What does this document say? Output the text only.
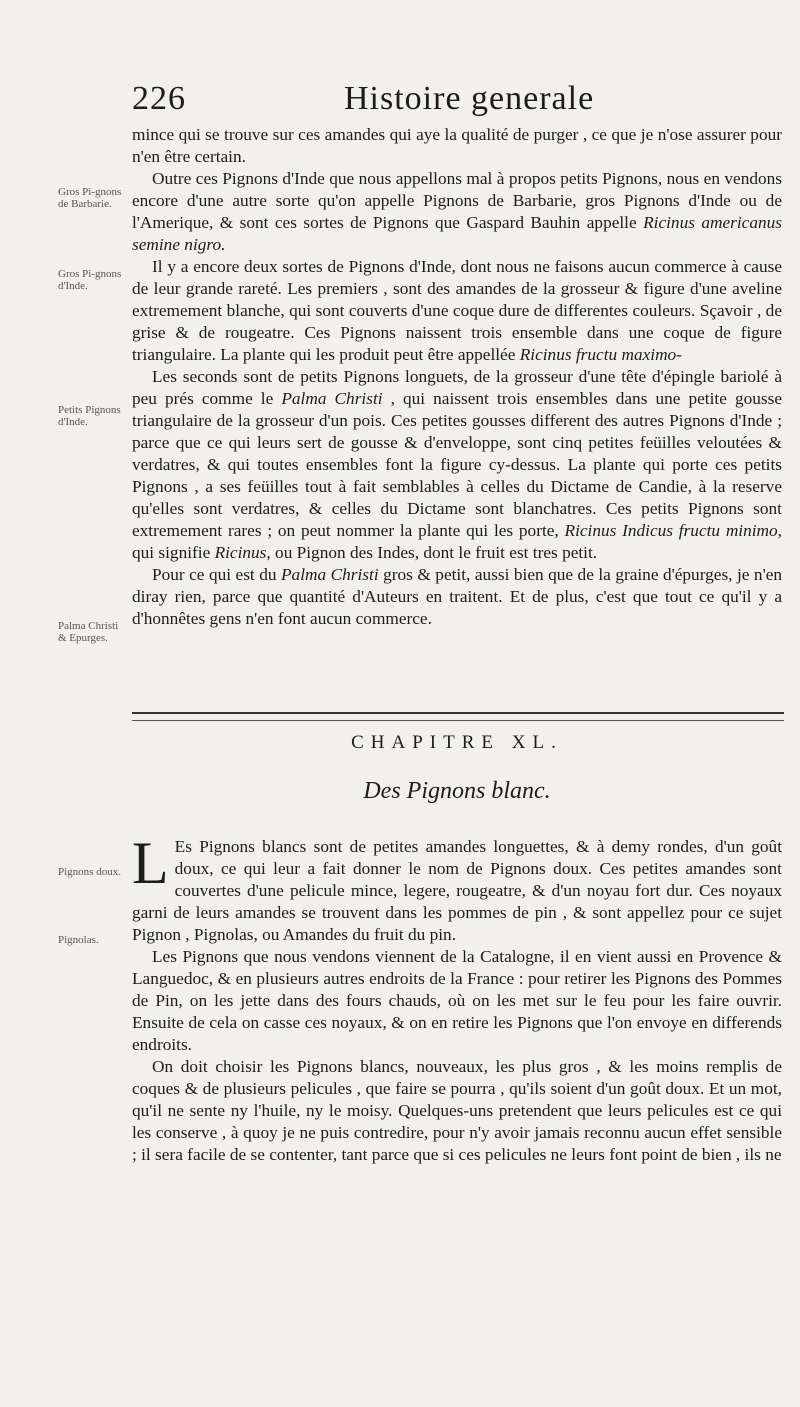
226	Histoire generale
Gros Pi-gnons de Barbarie.
Gros Pi-gnons d'Inde.
Petits Pignons d'Inde.
Palma Christi & Epurges.
Pignons doux.
Pignolas.

mince qui se trouve sur ces amandes qui aye la qualité de purger , ce que je n'ose assurer pour n'en être certain.

Outre ces Pignons d'Inde que nous appellons mal à propos petits Pignons, nous en vendons encore d'une autre sorte qu'on appelle Pignons de Barbarie, gros Pignons d'Inde ou de l'Amerique, & sont ces sortes de Pignons que Gaspard Bauhin appelle Ricinus americanus semine nigro.

Il y a encore deux sortes de Pignons d'Inde, dont nous ne faisons aucun commerce à cause de leur grande rareté. Les premiers , sont des amandes de la grosseur & figure d'une aveline extremement blanche, qui sont couverts d'une coque dure de differentes couleurs. Sçavoir , de grise & de rougeatre. Ces Pignons naissent trois ensemble dans une coque de figure triangulaire. La plante qui les produit peut être appellée Ricinus fructu maximo-

Les seconds sont de petits Pignons longuets, de la grosseur d'une tête d'épingle bariolé à peu prés comme le Palma Christi , qui naissent trois ensembles dans une petite gousse triangulaire de la grosseur d'un pois. Ces petites gousses different des autres Pignons d'Inde ; parce que ce qui leurs sert de gousse & d'enveloppe, sont cinq petites feüilles veloutées & verdatres, & qui toutes ensembles font la figure cy-dessus. La plante qui porte ces petits Pignons , a ses feüilles tout à fait semblables à celles du Dictame de Candie, à la reserve qu'elles sont verdatres, & celles du Dictame sont blanchatres. Ces petits Pignons sont extremement rares ; on peut nommer la plante qui les porte, Ricinus Indicus fructu minimo, qui signifie Ricinus, ou Pignon des Indes, dont le fruit est tres petit.

Pour ce qui est du Palma Christi gros & petit, aussi bien que de la graine d'épurges, je n'en diray rien, parce que quantité d'Auteurs en traitent. Et de plus, c'est que tout ce qu'il y a d'honnêtes gens n'en font aucun commerce.

CHAPITRE XL.
Des Pignons blanc.

L Es Pignons blancs sont de petites amandes longuettes, & à demy rondes, d'un goût doux, ce qui leur a fait donner le nom de Pignons doux. Ces petites amandes sont couvertes d'une pelicule mince, legere, rougeatre, & d'un noyau fort dur. Ces noyaux garni de leurs amandes se trouvent dans les pommes de pin , & sont appellez pour ce sujet Pignon , Pignolas, ou Amandes du fruit du pin.

Les Pignons que nous vendons viennent de la Catalogne, il en vient aussi en Provence & Languedoc, & en plusieurs autres endroits de la France : pour retirer les Pignons des Pommes de Pin, on les jette dans des fours chauds, où on les met sur le feu pour les faire ouvrir. Ensuite de cela on casse ces noyaux, & on en retire les Pignons que l'on envoye en differends endroits.

On doit choisir les Pignons blancs, nouveaux, les plus gros , & les moins remplis de coques & de plusieurs pelicules , que faire se pourra , qu'ils soient d'un goût doux. Et un mot, qu'il ne sente ny l'huile, ny le moisy. Quelques-uns pretendent que leurs pelicules est ce qui les conserve , à quoy je ne puis contredire, pour n'y avoir jamais reconnu aucun effet sensible ; il sera facile de se contenter, tant parce que si ces pelicules ne leurs font point de bien , ils ne
